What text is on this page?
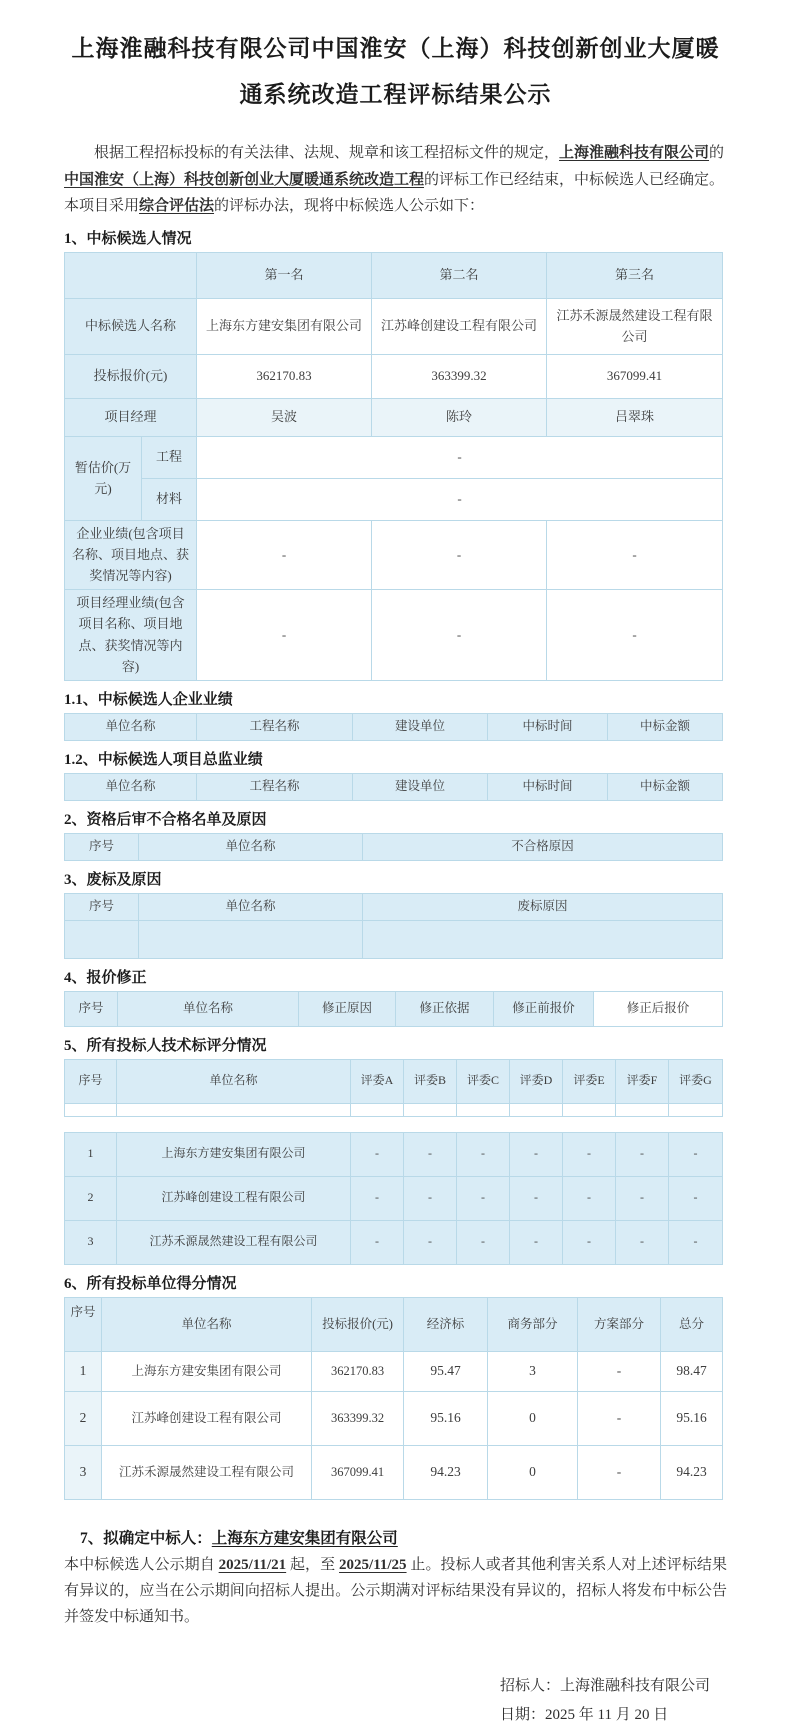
上海淮融科技有限公司中国淮安（上海）科技创新创业大厦暖通系统改造工程评标结果公示

根据工程招标投标的有关法律、法规、规章和该工程招标文件的规定，上海淮融科技有限公司的中国淮安（上海）科技创新创业大厦暖通系统改造工程的评标工作已经结束，中标候选人已经确定。本项目采用综合评估法的评标办法，现将中标候选人公示如下：

1、中标候选人情况
		第一名	第二名	第三名
中标候选人名称		上海东方建安集团有限公司	江苏峰创建设工程有限公司	江苏禾源晟然建设工程有限公司
投标报价(元)		362170.83	363399.32	367099.41
项目经理		吴波	陈玲	吕翠珠
暂估价(万元)	工程	-		
	材料	-		
企业业绩(包含项目名称、项目地点、获奖情况等内容)		-	-	-
项目经理业绩(包含项目名称、项目地点、获奖情况等内容)		-	-	-
1.1、中标候选人企业业绩
单位名称	工程名称	建设单位	中标时间	中标金额
1.2、中标候选人项目总监业绩
单位名称	工程名称	建设单位	中标时间	中标金额
2、资格后审不合格名单及原因
序号	单位名称	不合格原因
3、废标及原因
序号	单位名称	废标原因

4、报价修正
序号	单位名称	修正原因	修正依据	修正前报价	修正后报价
5、所有投标人技术标评分情况
序号	单位名称	评委A	评委B	评委C	评委D	评委E	评委F	评委G

1	上海东方建安集团有限公司	-	-	-	-	-	-	-
2	江苏峰创建设工程有限公司	-	-	-	-	-	-	-
3	江苏禾源晟然建设工程有限公司	-	-	-	-	-	-	-
6、所有投标单位得分情况
序号	单位名称	投标报价(元)	经济标	商务部分	方案部分	总分
1	上海东方建安集团有限公司	362170.83	95.47	3	-	98.47
2	江苏峰创建设工程有限公司	363399.32	95.16	0	-	95.16
3	江苏禾源晟然建设工程有限公司	367099.41	94.23	0	-	94.23
7、拟确定中标人：上海东方建安集团有限公司

本中标候选人公示期自 2025/11/21 起，至 2025/11/25 止。投标人或者其他利害关系人对上述评标结果有异议的，应当在公示期间向招标人提出。公示期满对评标结果没有异议的，招标人将发布中标公告并签发中标通知书。

招标人：上海淮融科技有限公司
日期：2025 年 11 月 20 日
